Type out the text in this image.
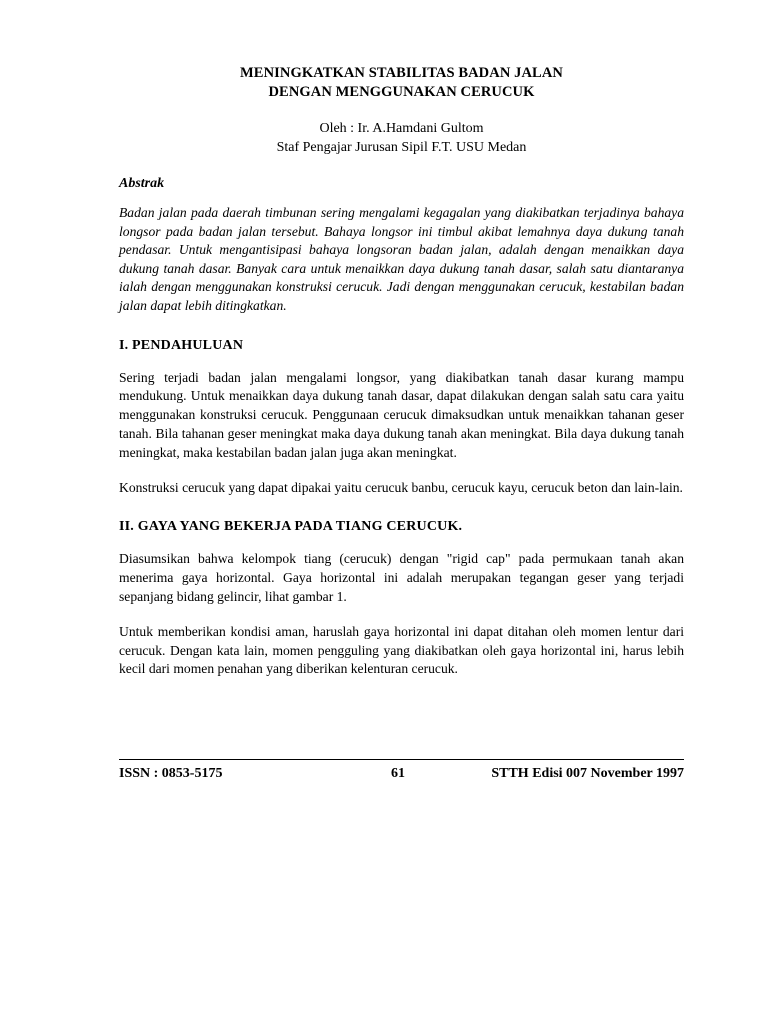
MENINGKATKAN STABILITAS BADAN JALAN
DENGAN MENGGUNAKAN CERUCUK
Oleh : Ir. A.Hamdani Gultom
Staf Pengajar Jurusan Sipil F.T. USU Medan
Abstrak

Badan jalan pada daerah timbunan sering mengalami kegagalan yang diakibatkan terjadinya bahaya longsor pada badan jalan tersebut. Bahaya longsor ini timbul akibat lemahnya daya dukung tanah pendasar. Untuk mengantisipasi bahaya longsoran badan jalan, adalah dengan menaikkan daya dukung tanah dasar. Banyak cara untuk menaikkan daya dukung tanah dasar, salah satu diantaranya ialah dengan menggunakan konstruksi cerucuk. Jadi dengan menggunakan cerucuk, kestabilan badan jalan dapat lebih ditingkatkan.

I. PENDAHULUAN

Sering terjadi badan jalan mengalami longsor, yang diakibatkan tanah dasar kurang mampu mendukung. Untuk menaikkan daya dukung tanah dasar, dapat dilakukan dengan salah satu cara yaitu menggunakan konstruksi cerucuk. Penggunaan cerucuk dimaksudkan untuk menaikkan tahanan geser tanah. Bila tahanan geser meningkat maka daya dukung tanah akan meningkat. Bila daya dukung tanah meningkat, maka kestabilan badan jalan juga akan meningkat.

Konstruksi cerucuk yang dapat dipakai yaitu cerucuk banbu, cerucuk kayu, cerucuk beton dan lain-lain.

II. GAYA YANG BEKERJA PADA TIANG CERUCUK.

Diasumsikan bahwa kelompok tiang (cerucuk) dengan "rigid cap" pada permukaan tanah akan menerima gaya horizontal. Gaya horizontal ini adalah merupakan tegangan geser yang terjadi sepanjang bidang gelincir, lihat gambar 1.

Untuk memberikan kondisi aman, haruslah gaya horizontal ini dapat ditahan oleh momen lentur dari cerucuk. Dengan kata lain, momen pengguling yang diakibatkan oleh gaya horizontal ini, harus lebih kecil dari momen penahan yang diberikan kelenturan cerucuk.

ISSN : 0853-5175	61	STTH Edisi 007 November 1997
